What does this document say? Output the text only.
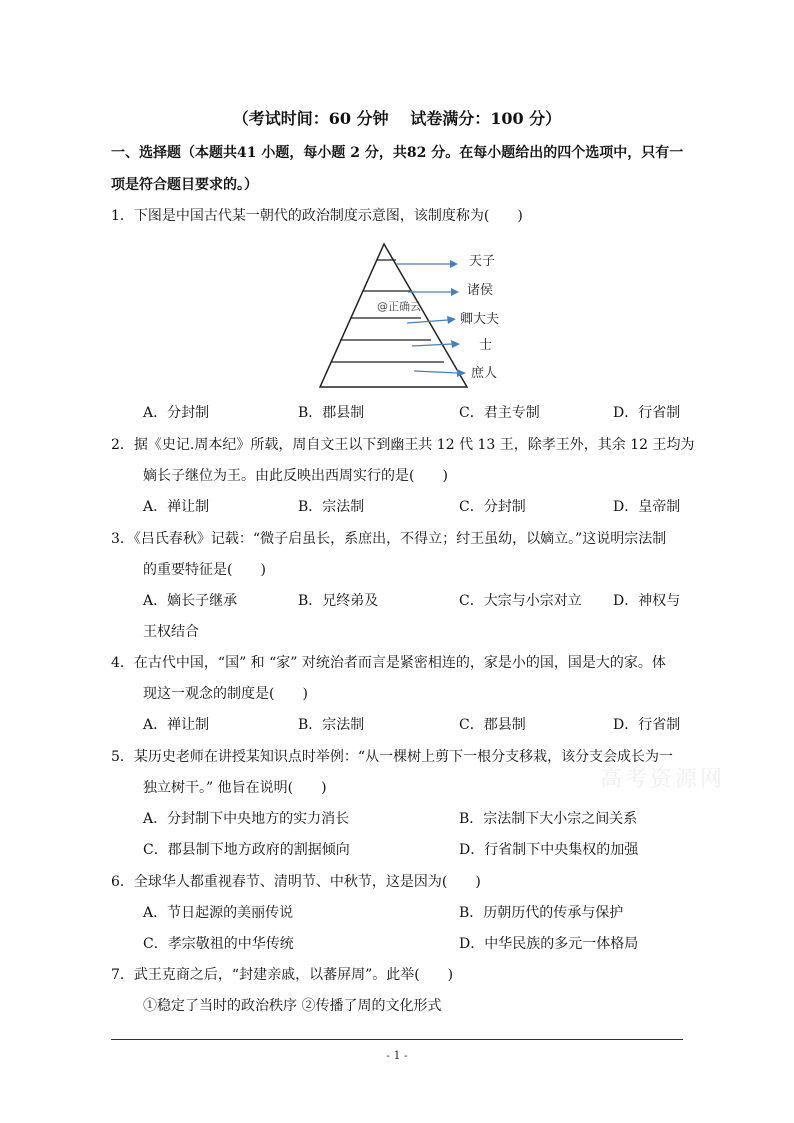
（考试时间：60 分钟　 试卷满分：100 分）
一、选择题（本题共41 小题，每小题 2 分，共82 分。在每小题给出的四个选项中，只有一
项是符合题目要求的。）
1．下图是中国古代某一朝代的政治制度示意图，该制度称为(　　)
天子
诸侯
卿大夫
士
庶人
@正确云
A．分封制	B．郡县制	C．君主专制	D．行省制
2．据《史记.周本纪》所载，周自文王以下到幽王共 12 代 13 王，除孝王外，其余 12 王均为
嫡长子继位为王。由此反映出西周实行的是(　　)
A．禅让制	B．宗法制	C．分封制	D．皇帝制
3．《吕氏春秋》记载：“微子启虽长，系庶出，不得立；纣王虽幼，以嫡立。”这说明宗法制
的重要特征是(　　)
A．嫡长子继承	B．兄终弟及	C．大宗与小宗对立 D．神权与
王权结合
4．在古代中国，“国” 和 “家” 对统治者而言是紧密相连的，家是小的国，国是大的家。体
现这一观念的制度是(　　)
A．禅让制	B．宗法制	C．郡县制	D．行省制
5．某历史老师在讲授某知识点时举例：“从一棵树上剪下一根分支移栽，该分支会成长为一
独立树干。” 他旨在说明(　　)
A．分封制下中央地方的实力消长	B．宗法制下大小宗之间关系
C．郡县制下地方政府的割据倾向	D．行省制下中央集权的加强
6．全球华人都重视春节、清明节、中秋节，这是因为(　　)
A．节日起源的美丽传说	B．历朝历代的传承与保护
C．孝宗敬祖的中华传统	D．中华民族的多元一体格局
7．武王克商之后，“封建亲戚，以蕃屏周”。此举(　　)
①稳定了当时的政治秩序 ②传播了周的文化形式
高考资源网
- 1 -
